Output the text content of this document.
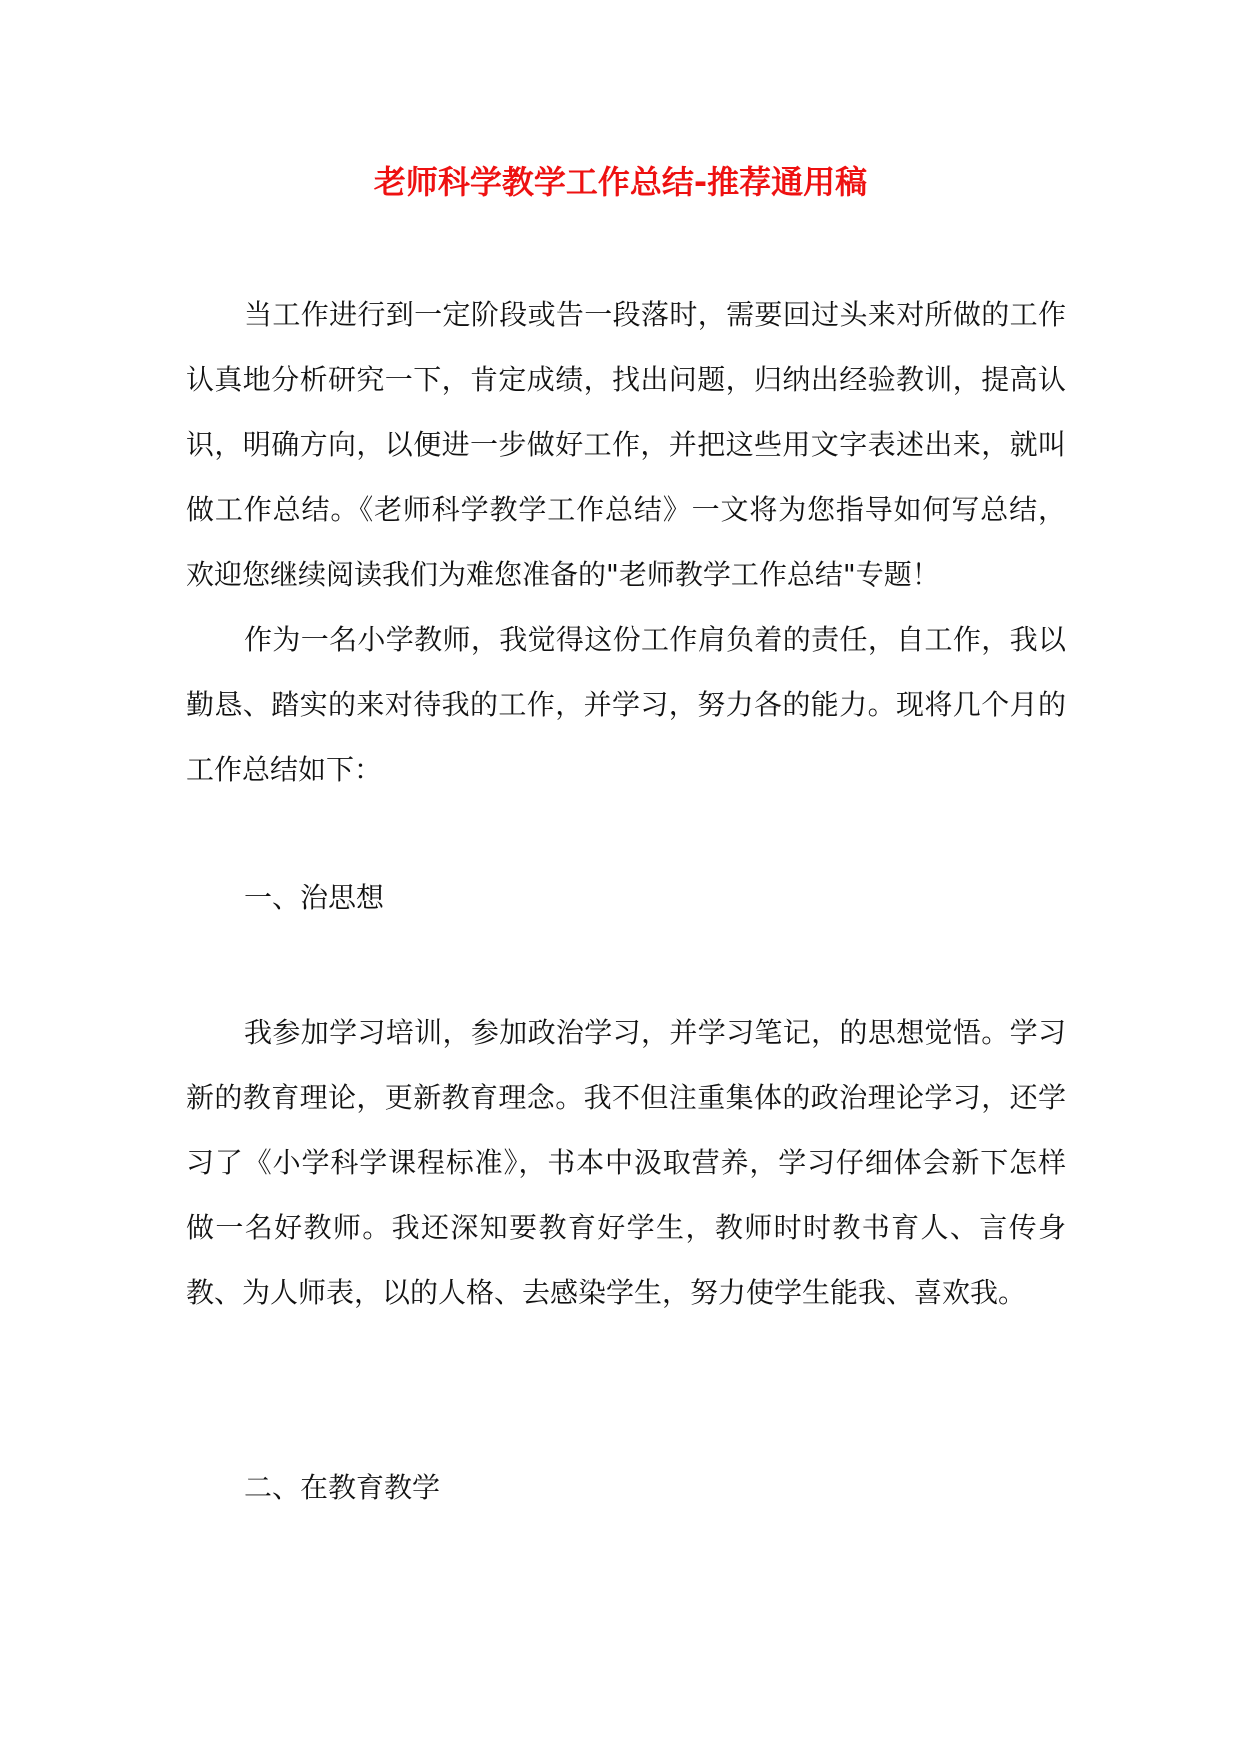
老师科学教学工作总结-推荐通用稿

当工作进行到一定阶段或告一段落时，需要回过头来对所做的工作认真地分析研究一下，肯定成绩，找出问题，归纳出经验教训，提高认识，明确方向，以便进一步做好工作，并把这些用文字表述出来，就叫做工作总结。《老师科学教学工作总结》一文将为您指导如何写总结，欢迎您继续阅读我们为难您准备的"老师教学工作总结"专题！

作为一名小学教师，我觉得这份工作肩负着的责任，自工作，我以勤恳、踏实的来对待我的工作，并学习，努力各的能力。现将几个月的工作总结如下：

一、治思想

我参加学习培训，参加政治学习，并学习笔记，的思想觉悟。学习新的教育理论，更新教育理念。我不但注重集体的政治理论学习，还学习了《小学科学课程标准》，书本中汲取营养，学习仔细体会新下怎样做一名好教师。我还深知要教育好学生，教师时时教书育人、言传身教、为人师表，以的人格、去感染学生，努力使学生能我、喜欢我。

二、在教育教学
